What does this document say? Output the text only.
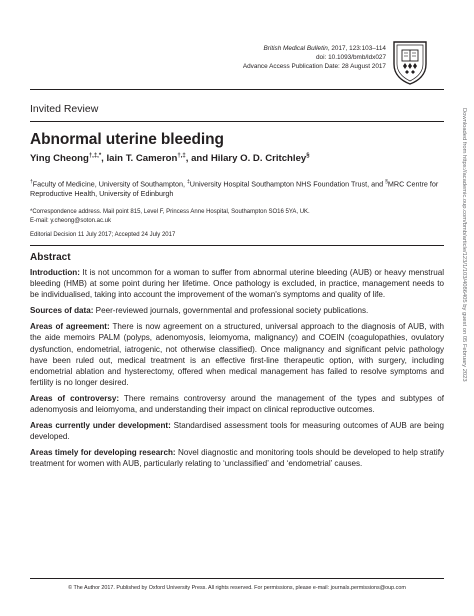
British Medical Bulletin, 2017, 123:103–114
doi: 10.1093/bmb/ldx027
Advance Access Publication Date: 28 August 2017
Invited Review
Abnormal uterine bleeding
Ying Cheong†,‡,*, Iain T. Cameron†,‡, and Hilary O. D. Critchley§
†Faculty of Medicine, University of Southampton, ‡University Hospital Southampton NHS Foundation Trust, and §MRC Centre for Reproductive Health, University of Edinburgh
*Correspondence address. Mail point 815, Level F, Princess Anne Hospital, Southampton SO16 5YA, UK.
E-mail: y.cheong@soton.ac.uk
Editorial Decision 11 July 2017; Accepted 24 July 2017
Abstract

Introduction: It is not uncommon for a woman to suffer from abnormal uterine bleeding (AUB) or heavy menstrual bleeding (HMB) at some point during her lifetime. Once pathology is excluded, in practice, management needs to be individualised, taking into account the improvement of the woman's symptoms and quality of life.

Sources of data: Peer-reviewed journals, governmental and professional society publications.

Areas of agreement: There is now agreement on a structured, universal approach to the diagnosis of AUB, with the aide memoirs PALM (polyps, adenomyosis, leiomyoma, malignancy) and COEIN (coagulopathies, ovulatory dysfunction, endometrial, iatrogenic, not otherwise classified). Once malignancy and significant pelvic pathology have been ruled out, medical treatment is an effective first-line therapeutic option, with surgery, including endometrial ablation and hysterectomy, offered when medical management has failed to resolve symptoms and fertility is no longer desired.

Areas of controversy: There remains controversy around the management of the types and subtypes of adenomyosis and leiomyoma, and understanding their impact on clinical reproductive outcomes.

Areas currently under development: Standardised assessment tools for measuring outcomes of AUB are being developed.

Areas timely for developing research: Novel diagnostic and monitoring tools should be developed to help stratify treatment for women with AUB, particularly relating to ‘unclassified’ and ‘endometrial’ causes.

© The Author 2017. Published by Oxford University Press. All rights reserved. For permissions, please e-mail: journals.permissions@oup.com
Downloaded from https://academic.oup.com/bmb/article/123/1/103/4086405 by guest on 05 February 2023
